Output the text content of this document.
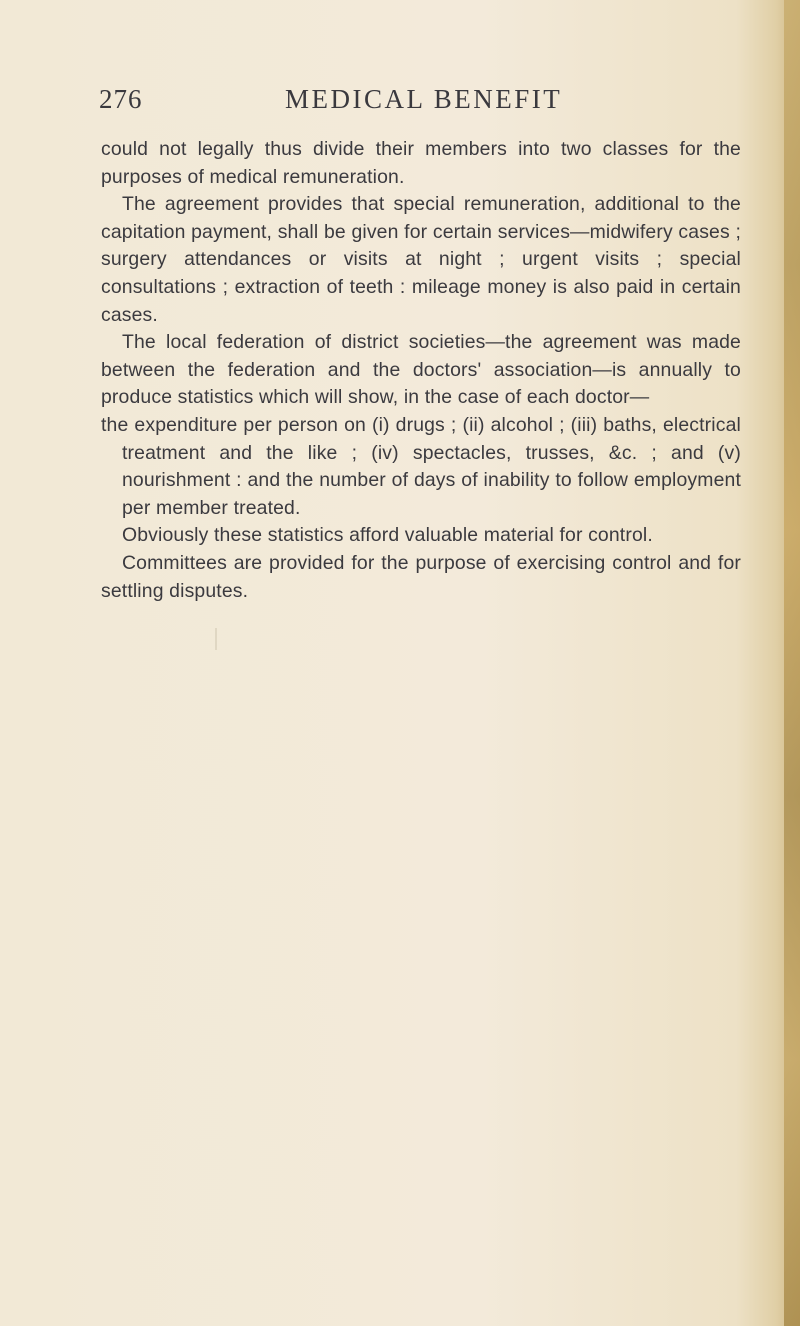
276	MEDICAL BENEFIT

could not legally thus divide their members into two classes for the purposes of medical remuneration.

The agreement provides that special remuneration, additional to the capitation payment, shall be given for certain services—midwifery cases ; surgery attendances or visits at night ; urgent visits ; special consultations ; extraction of teeth : mileage money is also paid in certain cases.

The local federation of district societies—the agreement was made between the federation and the doctors' association—is annually to produce statistics which will show, in the case of each doctor—

the expenditure per person on (i) drugs ; (ii) alcohol ; (iii) baths, electrical treatment and the like ; (iv) spectacles, trusses, &c. ; and (v) nourishment : and the number of days of inability to follow employment per member treated.

Obviously these statistics afford valuable material for control.

Committees are provided for the purpose of exercising control and for settling disputes.
